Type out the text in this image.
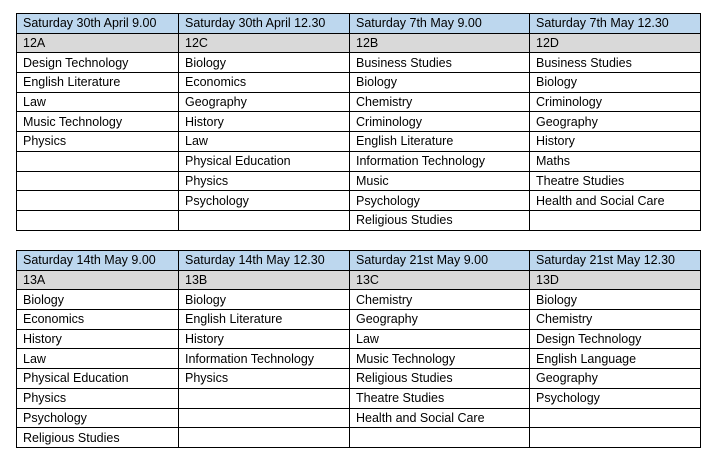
Saturday 30th April 9.00	Saturday 30th April 12.30	Saturday 7th May 9.00	Saturday 7th May 12.30
12A	12C	12B	12D
Design Technology	Biology	Business Studies	Business Studies
English Literature	Economics	Biology	Biology
Law	Geography	Chemistry	Criminology
Music Technology	History	Criminology	Geography
Physics	Law	English Literature	History
	Physical Education	Information Technology	Maths
	Physics	Music	Theatre Studies
	Psychology	Psychology	Health and Social Care
		Religious Studies	
Saturday 14th May 9.00	Saturday 14th May 12.30	Saturday 21st May 9.00	Saturday 21st May 12.30
13A	13B	13C	13D
Biology	Biology	Chemistry	Biology
Economics	English Literature	Geography	Chemistry
History	History	Law	Design Technology
Law	Information Technology	Music Technology	English Language
Physical Education	Physics	Religious Studies	Geography
Physics		Theatre Studies	Psychology
Psychology		Health and Social Care	
Religious Studies			
